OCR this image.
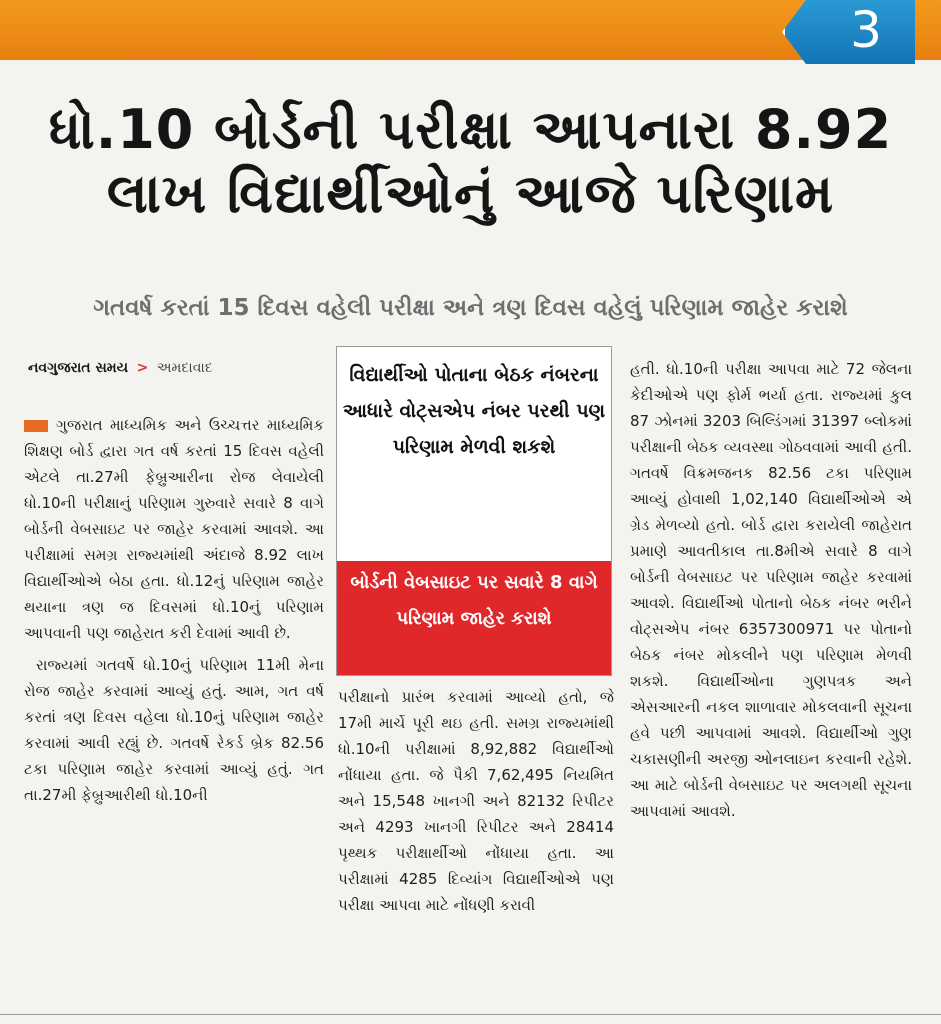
3
ધો.10 બોર્ડની પરીક્ષા આપનારા 8.92 લાખ વિદ્યાર્થીઓનું આજે પરિણામ
ગતવર્ષ કરતાં 15 દિવસ વહેલી પરીક્ષા અને ત્રણ દિવસ વહેલું પરિણામ જાહેર કરાશે
નવગુજરાત સમય > અમદાવાદ

ગુજરાત માધ્યમિક અને ઉચ્ચત્તર માધ્યમિક શિક્ષણ બોર્ડ દ્વારા ગત વર્ષ કરતાં 15 દિવસ વહેલી એટલે તા.27મી ફેબ્રુઆરીના રોજ લેવાયેલી ધો.10ની પરીક્ષાનું પરિણામ ગુરુવારે સવારે 8 વાગે બોર્ડની વેબસાઇટ પર જાહેર કરવામાં આવશે. આ પરીક્ષામાં સમગ્ર રાજ્યમાંથી અંદાજે 8.92 લાખ વિદ્યાર્થીઓએ બેઠા હતા. ધો.12નું પરિણામ જાહેર થયાના ત્રણ જ દિવસમાં ધો.10નું પરિણામ આપવાની પણ જાહેરાત કરી દેવામાં આવી છે.

રાજ્યમાં ગતવર્ષે ધો.10નું પરિણામ 11મી મેના રોજ જાહેર કરવામાં આવ્યું હતું. આમ, ગત વર્ષ કરતાં ત્રણ દિવસ વહેલા ધો.10નું પરિણામ જાહેર કરવામાં આવી રહ્યું છે. ગતવર્ષે રેકર્ડ બ્રેક 82.56 ટકા પરિણામ જાહેર કરવામાં આવ્યું હતું. ગત તા.27મી ફેબ્રુઆરીથી ધો.10ની

વિદ્યાર્થીઓ પોતાના બેઠક નંબરના આધારે વોટ્સએપ નંબર પરથી પણ પરિણામ મેળવી શકશે
બોર્ડની વેબસાઇટ પર સવારે 8 વાગે પરિણામ જાહેર કરાશે

પરીક્ષાનો પ્રારંભ કરવામાં આવ્યો હતો, જે 17મી માર્ચે પૂરી થઇ હતી. સમગ્ર રાજ્યમાંથી ધો.10ની પરીક્ષામાં 8,92,882 વિદ્યાર્થીઓ નોંધાયા હતા. જે પૈકી 7,62,495 નિયમિત અને 15,548 ખાનગી અને 82132 રિપીટર અને 4293 ખાનગી રિપીટર અને 28414 પૃથ્થક પરીક્ષાર્થીઓ નોંધાયા હતા. આ પરીક્ષામાં 4285 દિવ્યાંગ વિદ્યાર્થીઓએ પણ પરીક્ષા આપવા માટે નોંધણી કરાવી

હતી. ધો.10ની પરીક્ષા આપવા માટે 72 જેલના કેદીઓએ પણ ફોર્મ ભર્યા હતા. રાજ્યમાં કુલ 87 ઝોનમાં 3203 બિલ્ડિંગમાં 31397 બ્લોકમાં પરીક્ષાની બેઠક વ્યવસ્થા ગોઠવવામાં આવી હતી. ગતવર્ષે વિક્રમજનક 82.56 ટકા પરિણામ આવ્યું હોવાથી 1,02,140 વિદ્યાર્થીઓએ એ ગ્રેડ મેળવ્યો હતો. બોર્ડ દ્વારા કરાયેલી જાહેરાત પ્રમાણે આવતીકાલ તા.8મીએ સવારે 8 વાગે બોર્ડની વેબસાઇટ પર પરિણામ જાહેર કરવામાં આવશે. વિદ્યાર્થીઓ પોતાનો બેઠક નંબર ભરીને વોટ્સએપ નંબર 6357300971 પર પોતાનો બેઠક નંબર મોકલીને પણ પરિણામ મેળવી શકશે. વિદ્યાર્થીઓના ગુણપત્રક અને એસઆરની નકલ શાળાવાર મોકલવાની સૂચના હવે પછી આપવામાં આવશે. વિદ્યાર્થીઓ ગુણ ચકાસણીની અરજી ઓનલાઇન કરવાની રહેશે. આ માટે બોર્ડની વેબસાઇટ પર અલગથી સૂચના આપવામાં આવશે.
